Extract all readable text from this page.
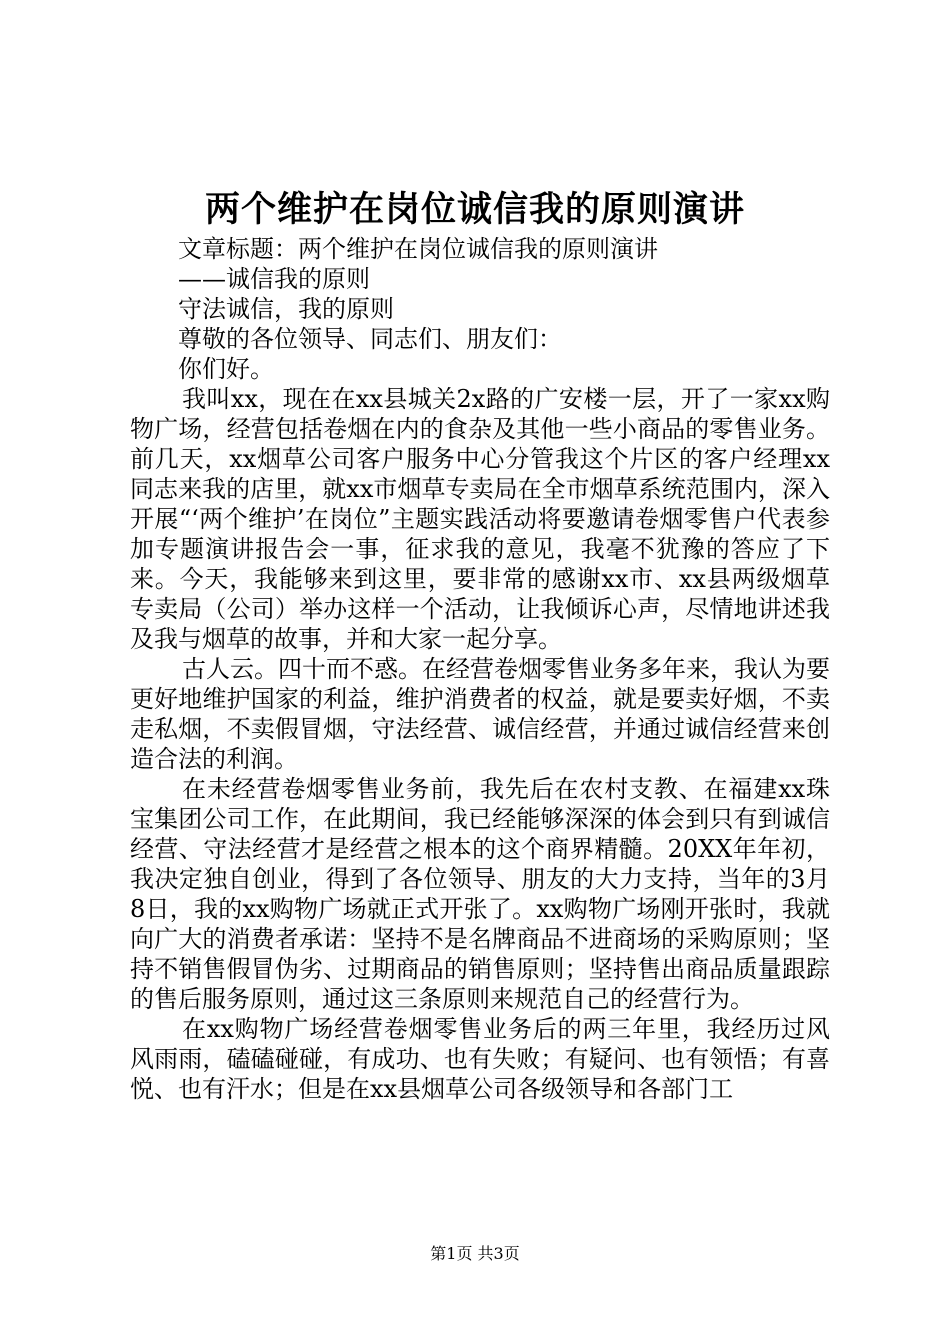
两个维护在岗位诚信我的原则演讲

文章标题：两个维护在岗位诚信我的原则演讲

——诚信我的原则

守法诚信，我的原则

尊敬的各位领导、同志们、朋友们：

你们好。

我叫xx，现在在xx县城关2x路的广安楼一层，开了一家xx购物广场，经营包括卷烟在内的食杂及其他一些小商品的零售业务。前几天，xx烟草公司客户服务中心分管我这个片区的客户经理xx同志来我的店里，就xx市烟草专卖局在全市烟草系统范围内，深入开展“‘两个维护’在岗位”主题实践活动将要邀请卷烟零售户代表参加专题演讲报告会一事，征求我的意见，我毫不犹豫的答应了下来。今天，我能够来到这里，要非常的感谢xx市、xx县两级烟草专卖局（公司）举办这样一个活动，让我倾诉心声，尽情地讲述我及我与烟草的故事，并和大家一起分享。

古人云。四十而不惑。在经营卷烟零售业务多年来，我认为要更好地维护国家的利益，维护消费者的权益，就是要卖好烟，不卖走私烟，不卖假冒烟，守法经营、诚信经营，并通过诚信经营来创造合法的利润。

在未经营卷烟零售业务前，我先后在农村支教、在福建xx珠宝集团公司工作，在此期间，我已经能够深深的体会到只有到诚信经营、守法经营才是经营之根本的这个商界精髓。20XX年年初，我决定独自创业，得到了各位领导、朋友的大力支持，当年的3月8日，我的xx购物广场就正式开张了。xx购物广场刚开张时，我就向广大的消费者承诺：坚持不是名牌商品不进商场的采购原则；坚持不销售假冒伪劣、过期商品的销售原则；坚持售出商品质量跟踪的售后服务原则，通过这三条原则来规范自己的经营行为。

在xx购物广场经营卷烟零售业务后的两三年里，我经历过风风雨雨，磕磕碰碰，有成功、也有失败；有疑问、也有领悟；有喜悦、也有汗水；但是在xx县烟草公司各级领导和各部门工

第1页 共3页
